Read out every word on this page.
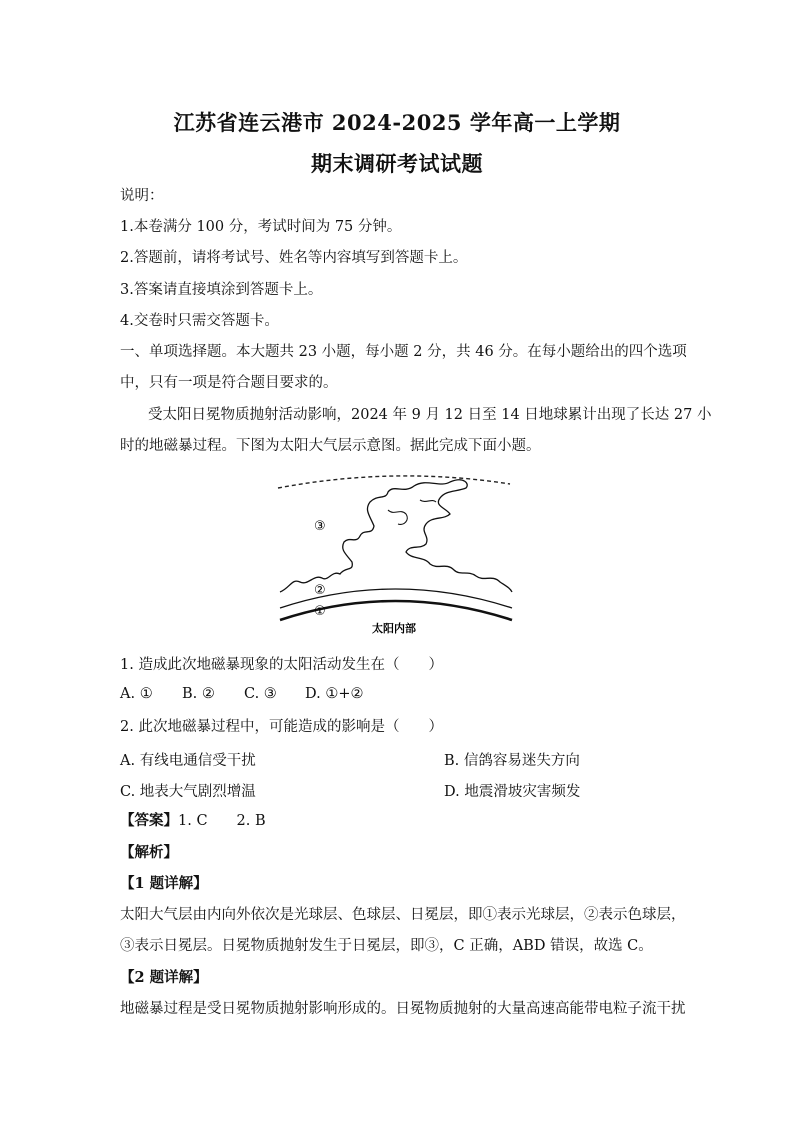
江苏省连云港市 2024-2025 学年高一上学期
期末调研考试试题
说明：
1.本卷满分 100 分，考试时间为 75 分钟。
2.答题前，请将考试号、姓名等内容填写到答题卡上。
3.答案请直接填涂到答题卡上。
4.交卷时只需交答题卡。
一、单项选择题。本大题共 23 小题，每小题 2 分，共 46 分。在每小题给出的四个选项
中，只有一项是符合题目要求的。
受太阳日冕物质抛射活动影响，2024 年 9 月 12 日至 14 日地球累计出现了长达 27 小
时的地磁暴过程。下图为太阳大气层示意图。据此完成下面小题。
③
②
①
太阳内部
1. 造成此次地磁暴现象的太阳活动发生在（　　）
A. ① B. ② C. ③ D. ①+②
2. 此次地磁暴过程中，可能造成的影响是（　　）
A. 有线电通信受干扰	B. 信鸽容易迷失方向
C. 地表大气剧烈增温	D. 地震滑坡灾害频发
【答案】1. C　　2. B
【解析】
【1 题详解】
太阳大气层由内向外依次是光球层、色球层、日冕层，即①表示光球层，②表示色球层，
③表示日冕层。日冕物质抛射发生于日冕层，即③，C 正确，ABD 错误，故选 C。
【2 题详解】
地磁暴过程是受日冕物质抛射影响形成的。日冕物质抛射的大量高速高能带电粒子流干扰
